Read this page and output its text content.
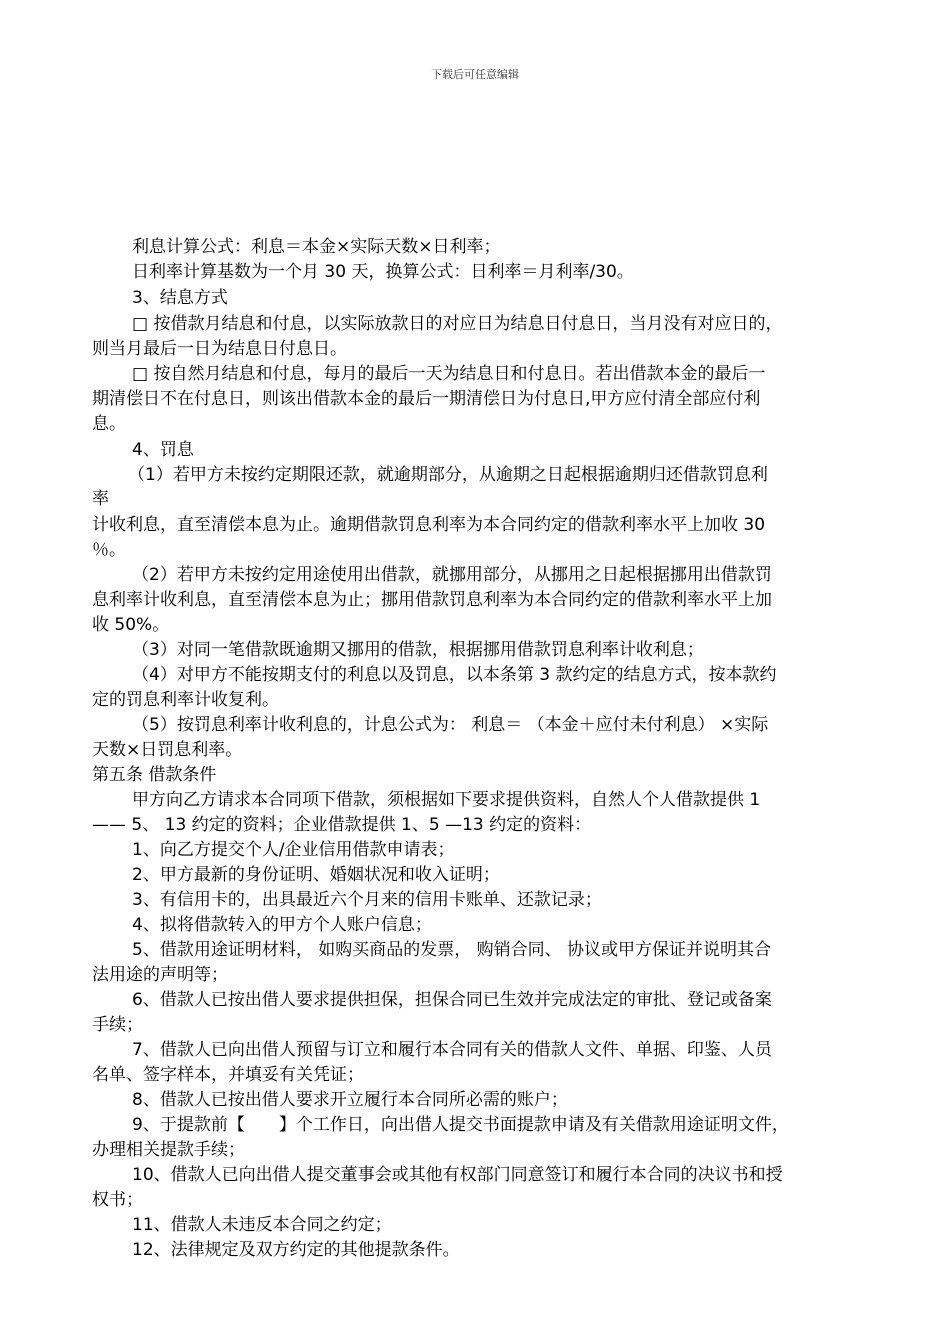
下载后可任意编辑
利息计算公式：利息＝本金×实际天数×日利率；
日利率计算基数为一个月 30 天，换算公式：日利率＝月利率/30。
3、结息方式
□ 按借款月结息和付息，以实际放款日的对应日为结息日付息日，当月没有对应日的，
则当月最后一日为结息日付息日。
□ 按自然月结息和付息，每月的最后一天为结息日和付息日。若出借款本金的最后一
期清偿日不在付息日，则该出借款本金的最后一期清偿日为付息日,甲方应付清全部应付利
息。
4、罚息
（1）若甲方未按约定期限还款，就逾期部分，从逾期之日起根据逾期归还借款罚息利
率
计收利息，直至清偿本息为止。逾期借款罚息利率为本合同约定的借款利率水平上加收 30
％。
（2）若甲方未按约定用途使用出借款，就挪用部分，从挪用之日起根据挪用出借款罚
息利率计收利息，直至清偿本息为止；挪用借款罚息利率为本合同约定的借款利率水平上加
收 50%。
（3）对同一笔借款既逾期又挪用的借款，根据挪用借款罚息利率计收利息；
（4）对甲方不能按期支付的利息以及罚息，以本条第 3 款约定的结息方式，按本款约
定的罚息利率计收复利。
（5）按罚息利率计收利息的，计息公式为： 利息＝ （本金＋应付未付利息） ×实际
天数×日罚息利率。
第五条 借款条件
甲方向乙方请求本合同项下借款，须根据如下要求提供资料，自然人个人借款提供 1
—— 5、 13 约定的资料；企业借款提供 1、5 —13 约定的资料：
1、向乙方提交个人/企业信用借款申请表；
2、甲方最新的身份证明、婚姻状况和收入证明；
3、有信用卡的，出具最近六个月来的信用卡账单、还款记录；
4、拟将借款转入的甲方个人账户信息；
5、借款用途证明材料， 如购买商品的发票， 购销合同、 协议或甲方保证并说明其合
法用途的声明等；
6、借款人已按出借人要求提供担保，担保合同已生效并完成法定的审批、登记或备案
手续；
7、借款人已向出借人预留与订立和履行本合同有关的借款人文件、单据、印鉴、人员
名单、签字样本，并填妥有关凭证；
8、借款人已按出借人要求开立履行本合同所必需的账户；
9、于提款前【　　】个工作日，向出借人提交书面提款申请及有关借款用途证明文件，
办理相关提款手续；
10、借款人已向出借人提交董事会或其他有权部门同意签订和履行本合同的决议书和授
权书；
11、借款人未违反本合同之约定；
12、法律规定及双方约定的其他提款条件。
